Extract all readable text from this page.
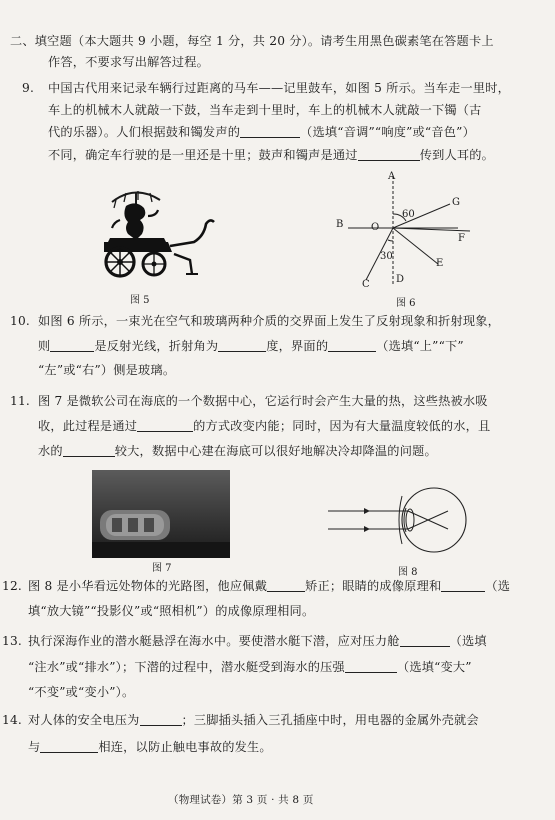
二、填空题（本大题共 9 小题，每空 1 分，共 20 分）。请考生用黑色碳素笔在答题卡上
作答，不要求写出解答过程。
9. 中国古代用来记录车辆行过距离的马车——记里鼓车，如图 5 所示。当车走一里时，
车上的机械木人就敲一下鼓，当车走到十里时，车上的机械木人就敲一下镯（古
代的乐器）。人们根据鼓和镯发声的	（选填“音调”“响度”或“音色”）
不同，确定车行驶的是一里还是十里；鼓声和镯声是通过	传到人耳的。
图 5
A
B	O
60
G
F
30
E
D
C
图 6
10. 如图 6 所示，一束光在空气和玻璃两种介质的交界面上发生了反射现象和折射现象，
则	是反射光线，折射角为	度，界面的	（选填“上”“下”
“左”或“右”）侧是玻璃。
11. 图 7 是微软公司在海底的一个数据中心，它运行时会产生大量的热，这些热被水吸
收，此过程是通过	的方式改变内能；同时，因为有大量温度较低的水，且
水的	较大，数据中心建在海底可以很好地解决冷却降温的问题。
图 7	图 8
12. 图 8 是小华看远处物体的光路图，他应佩戴	矫正；眼睛的成像原理和	（选
填“放大镜”“投影仪”或“照相机”）的成像原理相同。
13. 执行深海作业的潜水艇悬浮在海水中。要使潜水艇下潜，应对压力舱	（选填
“注水”或“排水”）；下潜的过程中，潜水艇受到海水的压强	（选填“变大”
“不变”或“变小”）。
14. 对人体的安全电压为	；三脚插头插入三孔插座中时，用电器的金属外壳就会
与	相连，以防止触电事故的发生。
（物理试卷）第 3 页 · 共 8 页
